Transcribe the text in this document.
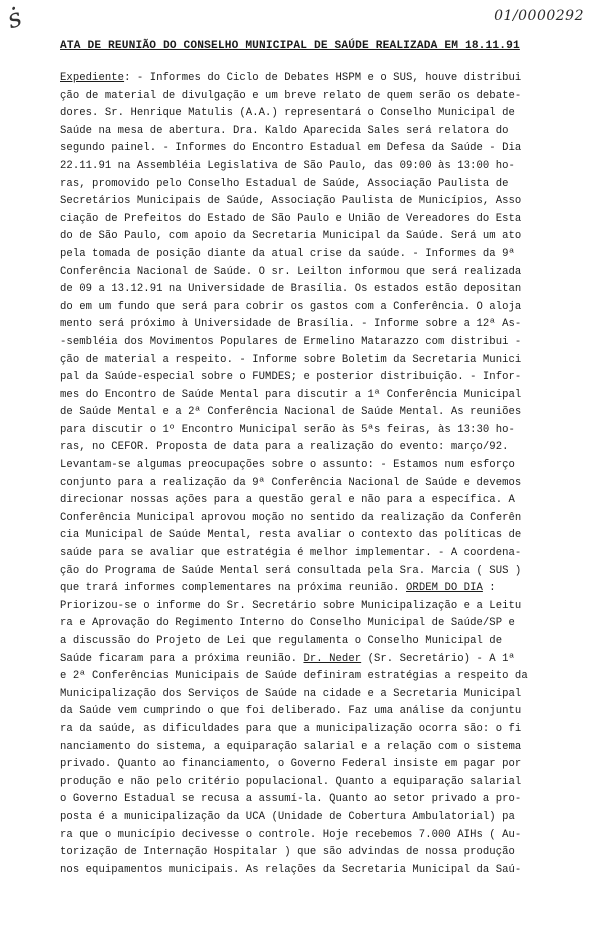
ṡ	01/0000292
ATA DE REUNIÃO DO CONSELHO MUNICIPAL DE SAÚDE REALIZADA EM 18.11.91
Expediente: - Informes do Ciclo de Debates HSPM e o SUS, houve distribui
ção de material de divulgação e um breve relato de quem serão os debate-
dores. Sr. Henrique Matulis (A.A.) representará o Conselho Municipal de
Saúde na mesa de abertura. Dra. Kaldo Aparecida Sales será relatora do
segundo painel. - Informes do Encontro Estadual em Defesa da Saúde - Dia
22.11.91 na Assembléia Legislativa de São Paulo, das 09:00 às 13:00 ho-
ras, promovido pelo Conselho Estadual de Saúde, Associação Paulista de
Secretários Municipais de Saúde, Associação Paulista de Municípios, Asso
ciação de Prefeitos do Estado de São Paulo e União de Vereadores do Esta
do de São Paulo, com apoio da Secretaria Municipal da Saúde. Será um ato
pela tomada de posição diante da atual crise da saúde. - Informes da 9ª
Conferência Nacional de Saúde. O sr. Leilton informou que será realizada
de 09 a 13.12.91 na Universidade de Brasília. Os estados estão depositan
do em um fundo que será para cobrir os gastos com a Conferência. O aloja
mento será próximo à Universidade de Brasília. - Informe sobre a 12ª As-
-sembléia dos Movimentos Populares de Ermelino Matarazzo com distribui -
ção de material a respeito. - Informe sobre Boletim da Secretaria Munici
pal da Saúde-especial sobre o FUMDES; e posterior distribuição. - Infor-
mes do Encontro de Saúde Mental para discutir a 1ª Conferência Municipal
de Saúde Mental e a 2ª Conferência Nacional de Saúde Mental. As reuniões
para discutir o 1º Encontro Municipal serão às 5ªs feiras, às 13:30 ho-
ras, no CEFOR. Proposta de data para a realização do evento: março/92.
Levantam-se algumas preocupações sobre o assunto: - Estamos num esforço
conjunto para a realização da 9ª Conferência Nacional de Saúde e devemos
direcionar nossas ações para a questão geral e não para a específica. A
Conferência Municipal aprovou moção no sentido da realização da Conferên
cia Municipal de Saúde Mental, resta avaliar o contexto das políticas de
saúde para se avaliar que estratégia é melhor implementar. - A coordena-
ção do Programa de Saúde Mental será consultada pela Sra. Marcia ( SUS )
que trará informes complementares na próxima reunião. ORDEM DO DIA :
Priorizou-se o informe do Sr. Secretário sobre Municipalização e a Leitu
ra e Aprovação do Regimento Interno do Conselho Municipal de Saúde/SP e
a discussão do Projeto de Lei que regulamenta o Conselho Municipal de
Saúde ficaram para a próxima reunião. Dr. Neder (Sr. Secretário) - A 1ª
e 2ª Conferências Municipais de Saúde definiram estratégias a respeito da
Municipalização dos Serviços de Saúde na cidade e a Secretaria Municipal
da Saúde vem cumprindo o que foi deliberado. Faz uma análise da conjuntu
ra da saúde, as dificuldades para que a municipalização ocorra são: o fi
nanciamento do sistema, a equiparação salarial e a relação com o sistema
privado. Quanto ao financiamento, o Governo Federal insiste em pagar por
produção e não pelo critério populacional. Quanto a equiparação salarial
o Governo Estadual se recusa a assumí-la. Quanto ao setor privado a pro-
posta é a municipalização da UCA (Unidade de Cobertura Ambulatorial) pa
ra que o município decivesse o controle. Hoje recebemos 7.000 AIHs ( Au-
torização de Internação Hospitalar ) que são advindas de nossa produção
nos equipamentos municipais. As relações da Secretaria Municipal da Saú-
